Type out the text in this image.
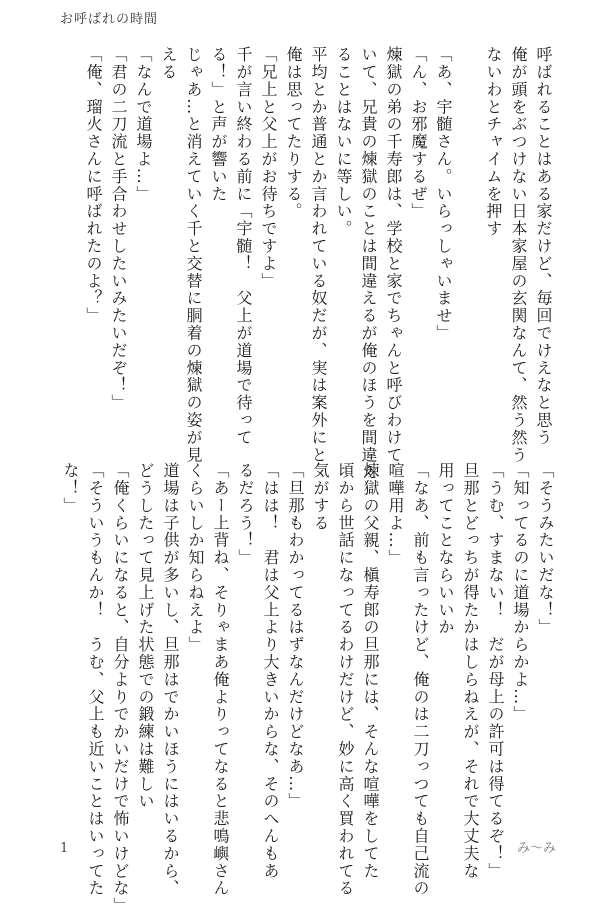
お呼ばれの時間
呼ばれることはある家だけど、毎回でけえなと思う
俺が頭をぶつけない日本家屋の玄関なんて、然う然う
ないわとチャイムを押す

「あ、宇髄さん。いらっしゃいませ」
「ん、お邪魔するぜ」
煉獄の弟の千寿郎は、学校と家でちゃんと呼びわけて
いて、兄貴の煉獄のことは間違えるが俺のほうを間違え
ることはないに等しい。
平均とか普通とか言われている奴だが、実は案外にと
俺は思ってたりする。
「兄上と父上がお待ちですよ」
千が言い終わる前に「宇髄！　父上が道場で待って
る！」と声が響いた
じゃあ…と消えていく千と交替に胴着の煉獄の姿が見
える
「なんで道場よ…」
「君の二刀流と手合わせしたいみたいだぞ！」
「俺、瑠火さんに呼ばれたのよ？」
「そうみたいだな！」
「知ってるのに道場からかよ…」
「うむ、すまない！　だが母上の許可は得てるぞ！」
旦那とどっちが得たかはしらねえが、それで大丈夫な
用ってことならいいか
「なあ、前も言ったけど、俺のは二刀っつても自己流の
喧嘩用よ…」
煉獄の父親、槇寿郎の旦那には、そんな喧嘩をしてた
頃から世話になってるわけだけど、妙に高く買われてる
気がする
「旦那もわかってるはずなんだけどなあ…」
「はは！　君は父上より大きいからな、そのへんもあ
るだろう！」
「あー上背ね、そりゃまあ俺よりってなると悲鳴嶼さん
くらいしか知らねえよ」
道場は子供が多いし、旦那はでかいほうにはいるから、
どうしたって見上げた状態での鍛練は難しい
「俺くらいになると、自分よりでかいだけで怖いけどな」
「そういうもんか！　うむ、父上も近いことはいってた
な！」
1	み〜み
